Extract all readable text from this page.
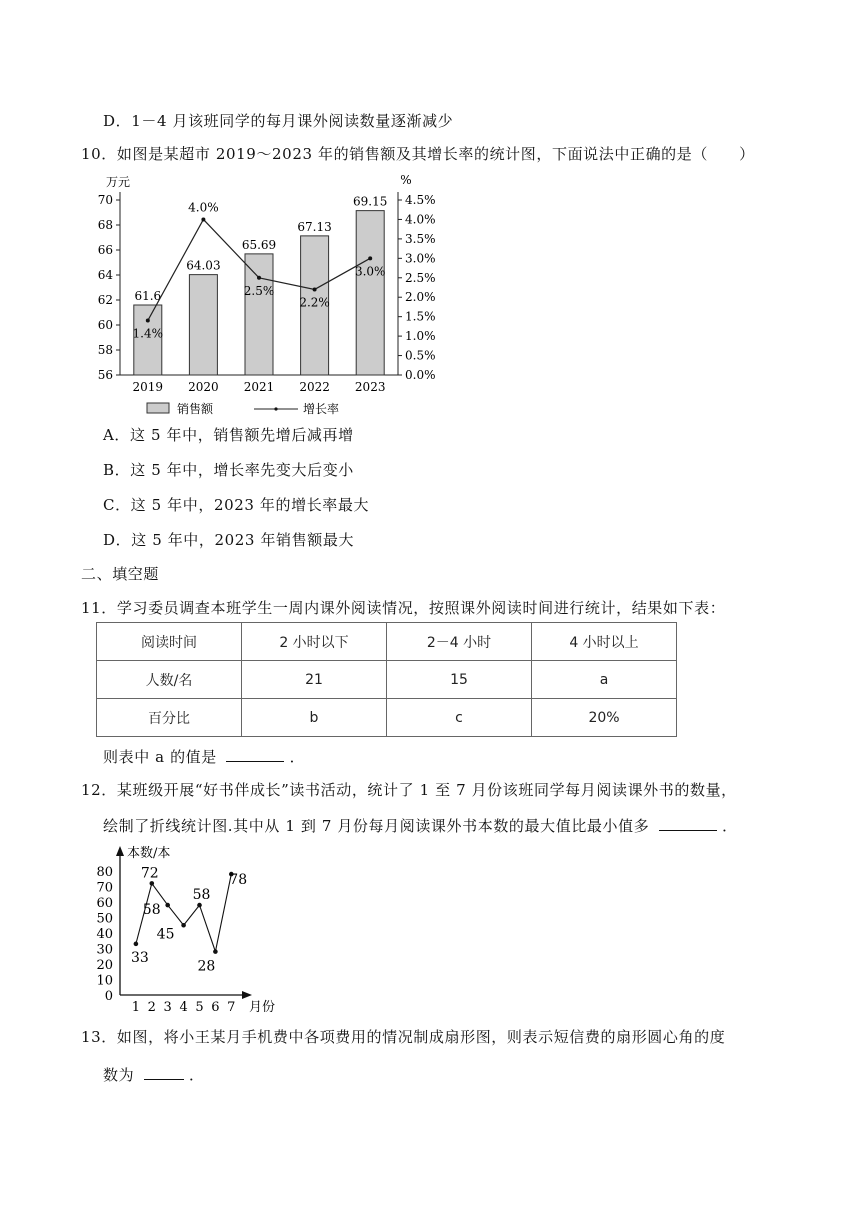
D．1－4 月该班同学的每月课外阅读数量逐渐减少
10．如图是某超市 2019～2023 年的销售额及其增长率的统计图，下面说法中正确的是（　　）
万元	%
56
58
60
62
64
66
68
70
0.0%
0.5%
1.0%
1.5%
2.0%
2.5%
3.0%
3.5%
4.0%
4.5%
61.6
2019
64.03
2020
65.69
2021
67.13
2022
69.15
2023
1.4%
4.0%
2.5%
2.2%
3.0%
销售额	增长率
A．这 5 年中，销售额先增后减再增
B．这 5 年中，增长率先变大后变小
C．这 5 年中，2023 年的增长率最大
D．这 5 年中，2023 年销售额最大
二、填空题
11．学习委员调查本班学生一周内课外阅读情况，按照课外阅读时间进行统计，结果如下表：
阅读时间	2 小时以下	2－4 小时	4 小时以上
人数/名	21	15	a
百分比	b	c	20%
则表中 a 的值是	．
12．某班级开展“好书伴成长”读书活动，统计了 1 至 7 月份该班同学每月阅读课外书的数量，
绘制了折线统计图.其中从 1 到 7 月份每月阅读课外书本数的最大值比最小值多	．
本数/本
月份
0
10
20
30
40
50
60
70
80
1
33
2
72
3
58
4
45
5
58
6
28
7
78
13．如图，将小王某月手机费中各项费用的情况制成扇形图，则表示短信费的扇形圆心角的度
数为	．
